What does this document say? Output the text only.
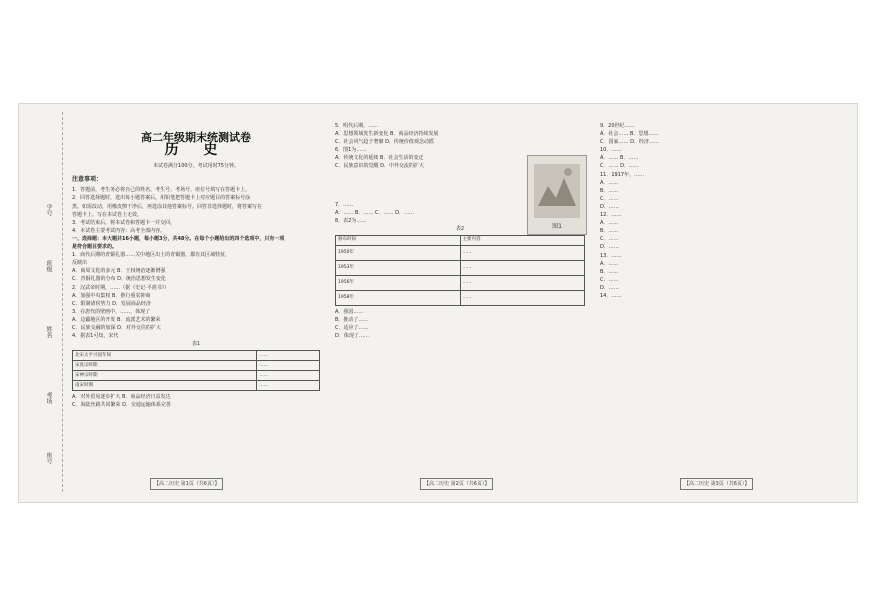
学号
班级
姓名
考场
座号
高二年级期末统测试卷
历 史
本试卷满分100分，考试用时75分钟。
注意事项：

1．答题前，考生务必将自己的姓名、考生号、考场号、座位号填写在答题卡上。

2．回答选择题时，选出每小题答案后，用铅笔把答题卡上对应题目的答案标号涂

黑。如需改动，用橡皮擦干净后，再选涂其他答案标号。回答非选择题时，将答案写在

答题卡上。写在本试卷上无效。

3．考试结束后，将本试卷和答题卡一并交回。

4．本试卷主要考试内容：高考全部内容。

一、选择题：本大题共16小题，每小题3分，共48分。在每个小题给出的四个选项中，只有一项

是符合题目要求的。

1．商代后期的青铜礼器……关中地区出土的青铜器，都有其区域特征，

反映出

A．商周文化的多元 B．王权统治逐渐增强

C．青铜礼器的分布 D．统治思想发生变化

2．汉武帝时期，……（据《史记·平准书》）

A．加强中央集权 B．推行重农抑商

C．限制诸侯势力 D．发展商品经济

3．在唐代的壁画中，……，体现了

A．边疆地区的开发 B．流派艺术的繁荣

C．民族交融的加深 D．对外交往的扩大

4．据表1可知，宋代

表1
北宋太平兴国年间	……
宋真宗时期	……
宋神宗时期	……
南宋时期	……

A．对外贸易逐步扩大 B．商品经济日益发达

C．海陆丝路共同繁荣 D．交通运输体系完善

5．明代后期，……

A．思想领域发生新变化 B．商品经济持续发展

C．社会风气趋于奢靡 D．传统价值观念动摇

6．图1为……

A．传统文化的延续 B．社会生活的变迁

C．民族意识的觉醒 D．中外交流的扩大

7．……

A．…… B．…… C．…… D．……

8．表2为……

表2
颁布时间	主要内容
1950年	……
1953年	……
1956年	……
1958年	……

A．我国……

B．推动了……

C．适应了……

D．体现了……

图1

9．20世纪……

A．社会…… B．思想……

C．国家…… D．经济……

10．……

A．…… B．……

C．…… D．……

11．1917年，……

A．……

B．……

C．……

D．……

12．……

A．……

B．……

C．……

D．……

13．……

A．……

B．……

C．……

D．……

14．……

【高二历史 第1页（共6页）】	【高二历史 第2页（共6页）】	【高二历史 第3页（共6页）】
